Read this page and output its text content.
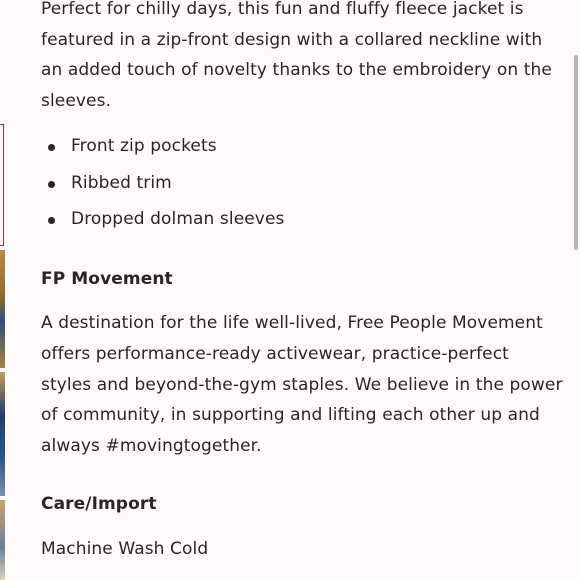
Perfect for chilly days, this fun and fluffy fleece jacket is
featured in a zip-front design with a collared neckline with
an added touch of novelty thanks to the embroidery on the
sleeves.

Front zip pockets
Ribbed trim
Dropped dolman sleeves
FP Movement

A destination for the life well-lived, Free People Movement
offers performance-ready activewear, practice-perfect
styles and beyond-the-gym staples. We believe in the power
of community, in supporting and lifting each other up and
always #movingtogether.

Care/Import

Machine Wash Cold
